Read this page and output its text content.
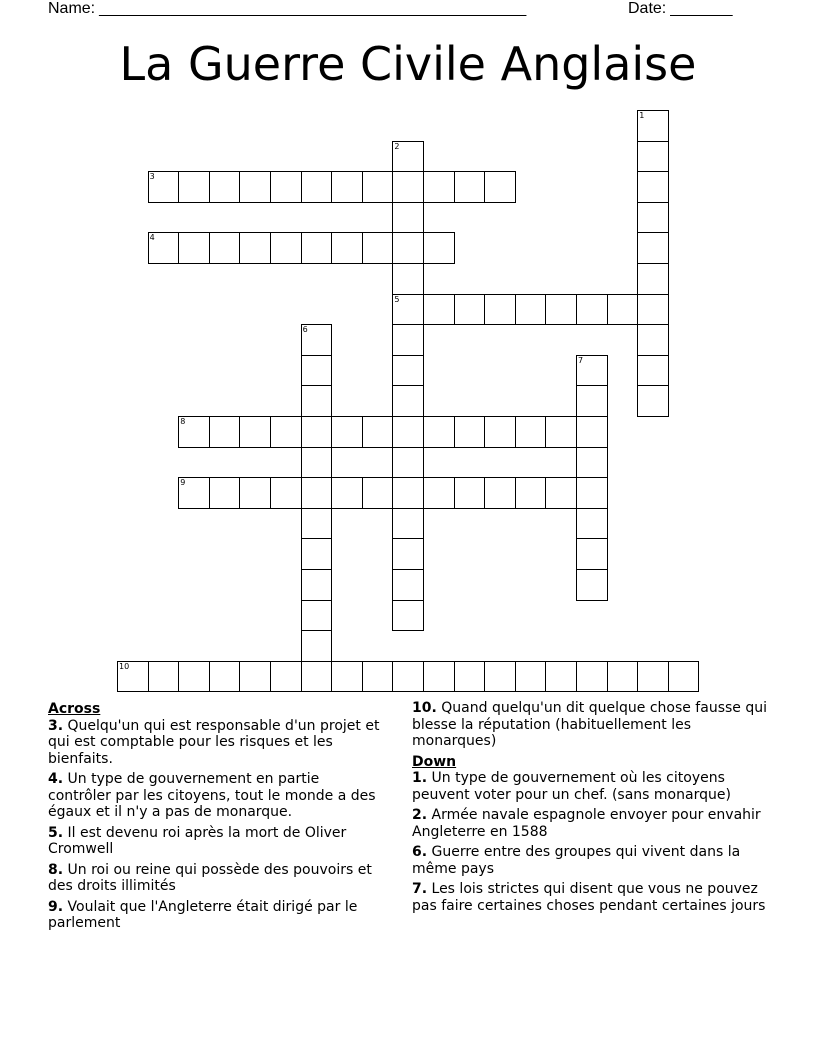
Name: ________________________________________________	Date: _______
La Guerre Civile Anglaise
1
2
5
3
4
6
7
8
9
10
Across
3. Quelqu'un qui est responsable d'un projet et qui est comptable pour les risques et les bienfaits.
4. Un type de gouvernement en partie contrôler par les citoyens, tout le monde a des égaux et il n'y a pas de monarque.
5. Il est devenu roi après la mort de Oliver Cromwell
8. Un roi ou reine qui possède des pouvoirs et des droits illimités
9. Voulait que l'Angleterre était dirigé par le parlement
10. Quand quelqu'un dit quelque chose fausse qui blesse la réputation (habituellement les monarques)
Down
1. Un type de gouvernement où les citoyens peuvent voter pour un chef. (sans monarque)
2. Armée navale espagnole envoyer pour envahir Angleterre en 1588
6. Guerre entre des groupes qui vivent dans la même pays
7. Les lois strictes qui disent que vous ne pouvez pas faire certaines choses pendant certaines jours
